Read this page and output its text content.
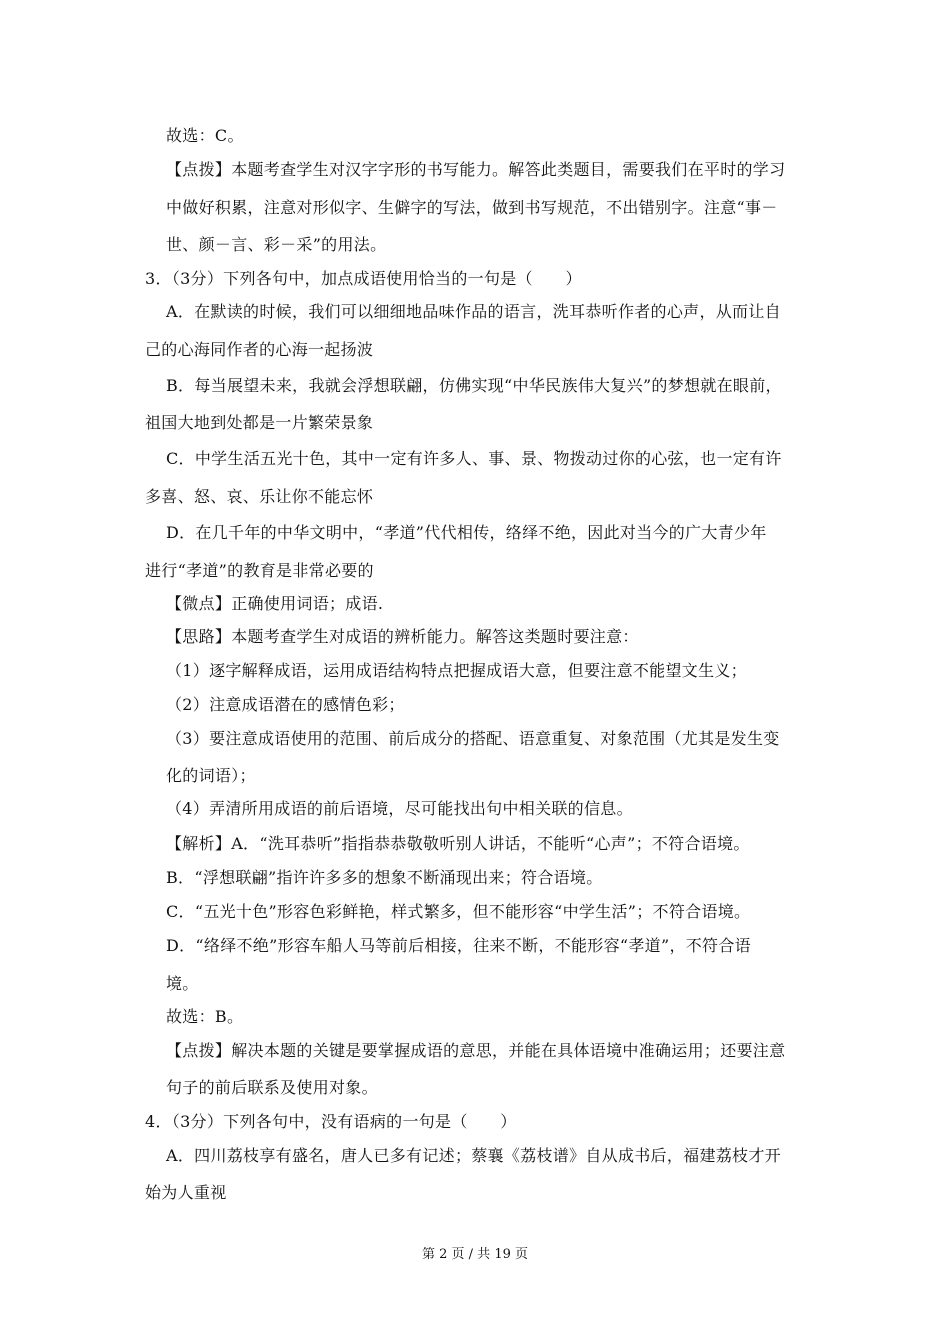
故选：C。
【点拨】本题考查学生对汉字字形的书写能力。解答此类题目，需要我们在平时的学习
中做好积累，注意对形似字、生僻字的写法，做到书写规范，不出错别字。注意“事－
世、颜－言、彩－采”的用法。
3．（3分）下列各句中，加点成语使用恰当的一句是（　　）
A．在默读的时候，我们可以细细地品味作品的语言，洗耳恭听作者的心声，从而让自
己的心海同作者的心海一起扬波
B．每当展望未来，我就会浮想联翩，仿佛实现“中华民族伟大复兴”的梦想就在眼前，
祖国大地到处都是一片繁荣景象
C．中学生活五光十色，其中一定有许多人、事、景、物拨动过你的心弦，也一定有许
多喜、怒、哀、乐让你不能忘怀
D．在几千年的中华文明中，“孝道”代代相传，络绎不绝，因此对当今的广大青少年
进行“孝道”的教育是非常必要的
【微点】正确使用词语；成语.
【思路】本题考查学生对成语的辨析能力。解答这类题时要注意：
（1）逐字解释成语，运用成语结构特点把握成语大意，但要注意不能望文生义；
（2）注意成语潜在的感情色彩；
（3）要注意成语使用的范围、前后成分的搭配、语意重复、对象范围（尤其是发生变
化的词语）；
（4）弄清所用成语的前后语境，尽可能找出句中相关联的信息。
【解析】A．“洗耳恭听”指指恭恭敬敬听别人讲话，不能听“心声”；不符合语境。
B．“浮想联翩”指许许多多的想象不断涌现出来；符合语境。
C．“五光十色”形容色彩鲜艳，样式繁多，但不能形容“中学生活”；不符合语境。
D．“络绎不绝”形容车船人马等前后相接，往来不断，不能形容“孝道”，不符合语
境。
故选：B。
【点拨】解决本题的关键是要掌握成语的意思，并能在具体语境中准确运用；还要注意
句子的前后联系及使用对象。
4．（3分）下列各句中，没有语病的一句是（　　）
A．四川荔枝享有盛名，唐人已多有记述；蔡襄《荔枝谱》自从成书后，福建荔枝才开
始为人重视
第 2 页 / 共 19 页
